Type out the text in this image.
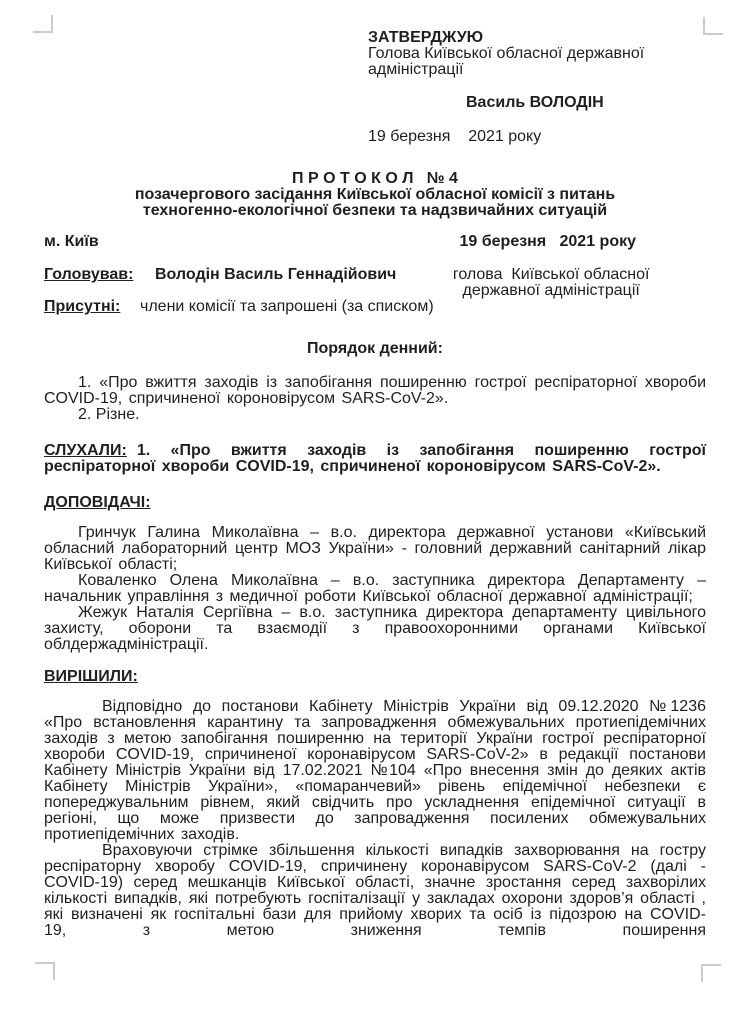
ЗАТВЕРДЖУЮ
Голова Київської обласної державної адміністрації
Василь ВОЛОДІН
19 березня    2021 року
П Р О Т О К О Л   № 4
позачергового засідання Київської обласної комісії з питань
техногенно-екологічної безпеки та надзвичайних ситуацій
м. Київ	19 березня   2021 року
Головував:	Володін Василь Геннадійович	голова  Київської обласної
державної адміністрації
Присутні:	члени комісії та запрошені (за списком)
Порядок денний:
1. «Про вжиття заходів із запобігання поширенню гострої респіраторної хвороби COVID-19, спричиненої короновірусом SARS-CoV-2».
2. Різне.
СЛУХАЛИ: 1. «Про вжиття заходів із запобігання поширенню гострої респіраторної хвороби COVID-19, спричиненої короновірусом SARS-CoV-2».
ДОПОВІДАЧІ:
Гринчук Галина Миколаївна – в.о. директора державної установи «Київський обласний лабораторний центр МОЗ України» - головний державний санітарний лікар Київської області;
Коваленко Олена Миколаївна – в.о. заступника директора Департаменту – начальник управління з медичної роботи Київської обласної державної адміністрації;
Жежук Наталія Сергіївна – в.о. заступника директора департаменту цивільного захисту, оборони та взаємодії з правоохоронними органами Київської облдержадміністрації.
ВИРІШИЛИ:
Відповідно до постанови Кабінету Міністрів України від 09.12.2020 №1236 «Про встановлення карантину та запровадження обмежувальних протиепідемічних заходів з метою запобігання поширенню на території України гострої респіраторної хвороби COVID-19, спричиненої коронавірусом SARS-CoV-2» в редакції постанови Кабінету Міністрів України від 17.02.2021 №104 «Про внесення змін до деяких актів Кабінету Міністрів України», «помаранчевий» рівень епідемічної небезпеки є попереджувальним рівнем, який свідчить про ускладнення епідемічної ситуації в регіоні, що може призвести до запровадження посилених обмежувальних протиепідемічних заходів.
Враховуючи стрімке збільшення кількості випадків захворювання на гостру респіраторну хворобу COVID-19, спричинену коронавірусом SARS-CoV-2 (далі - COVID-19) серед мешканців Київської області, значне зростання серед захворілих кількості випадків, які потребують госпіталізації у закладах охорони здоров’я області , які визначені як госпітальні бази для прийому хворих та осіб із підозрою на COVID-19, з метою зниження темпів поширення
